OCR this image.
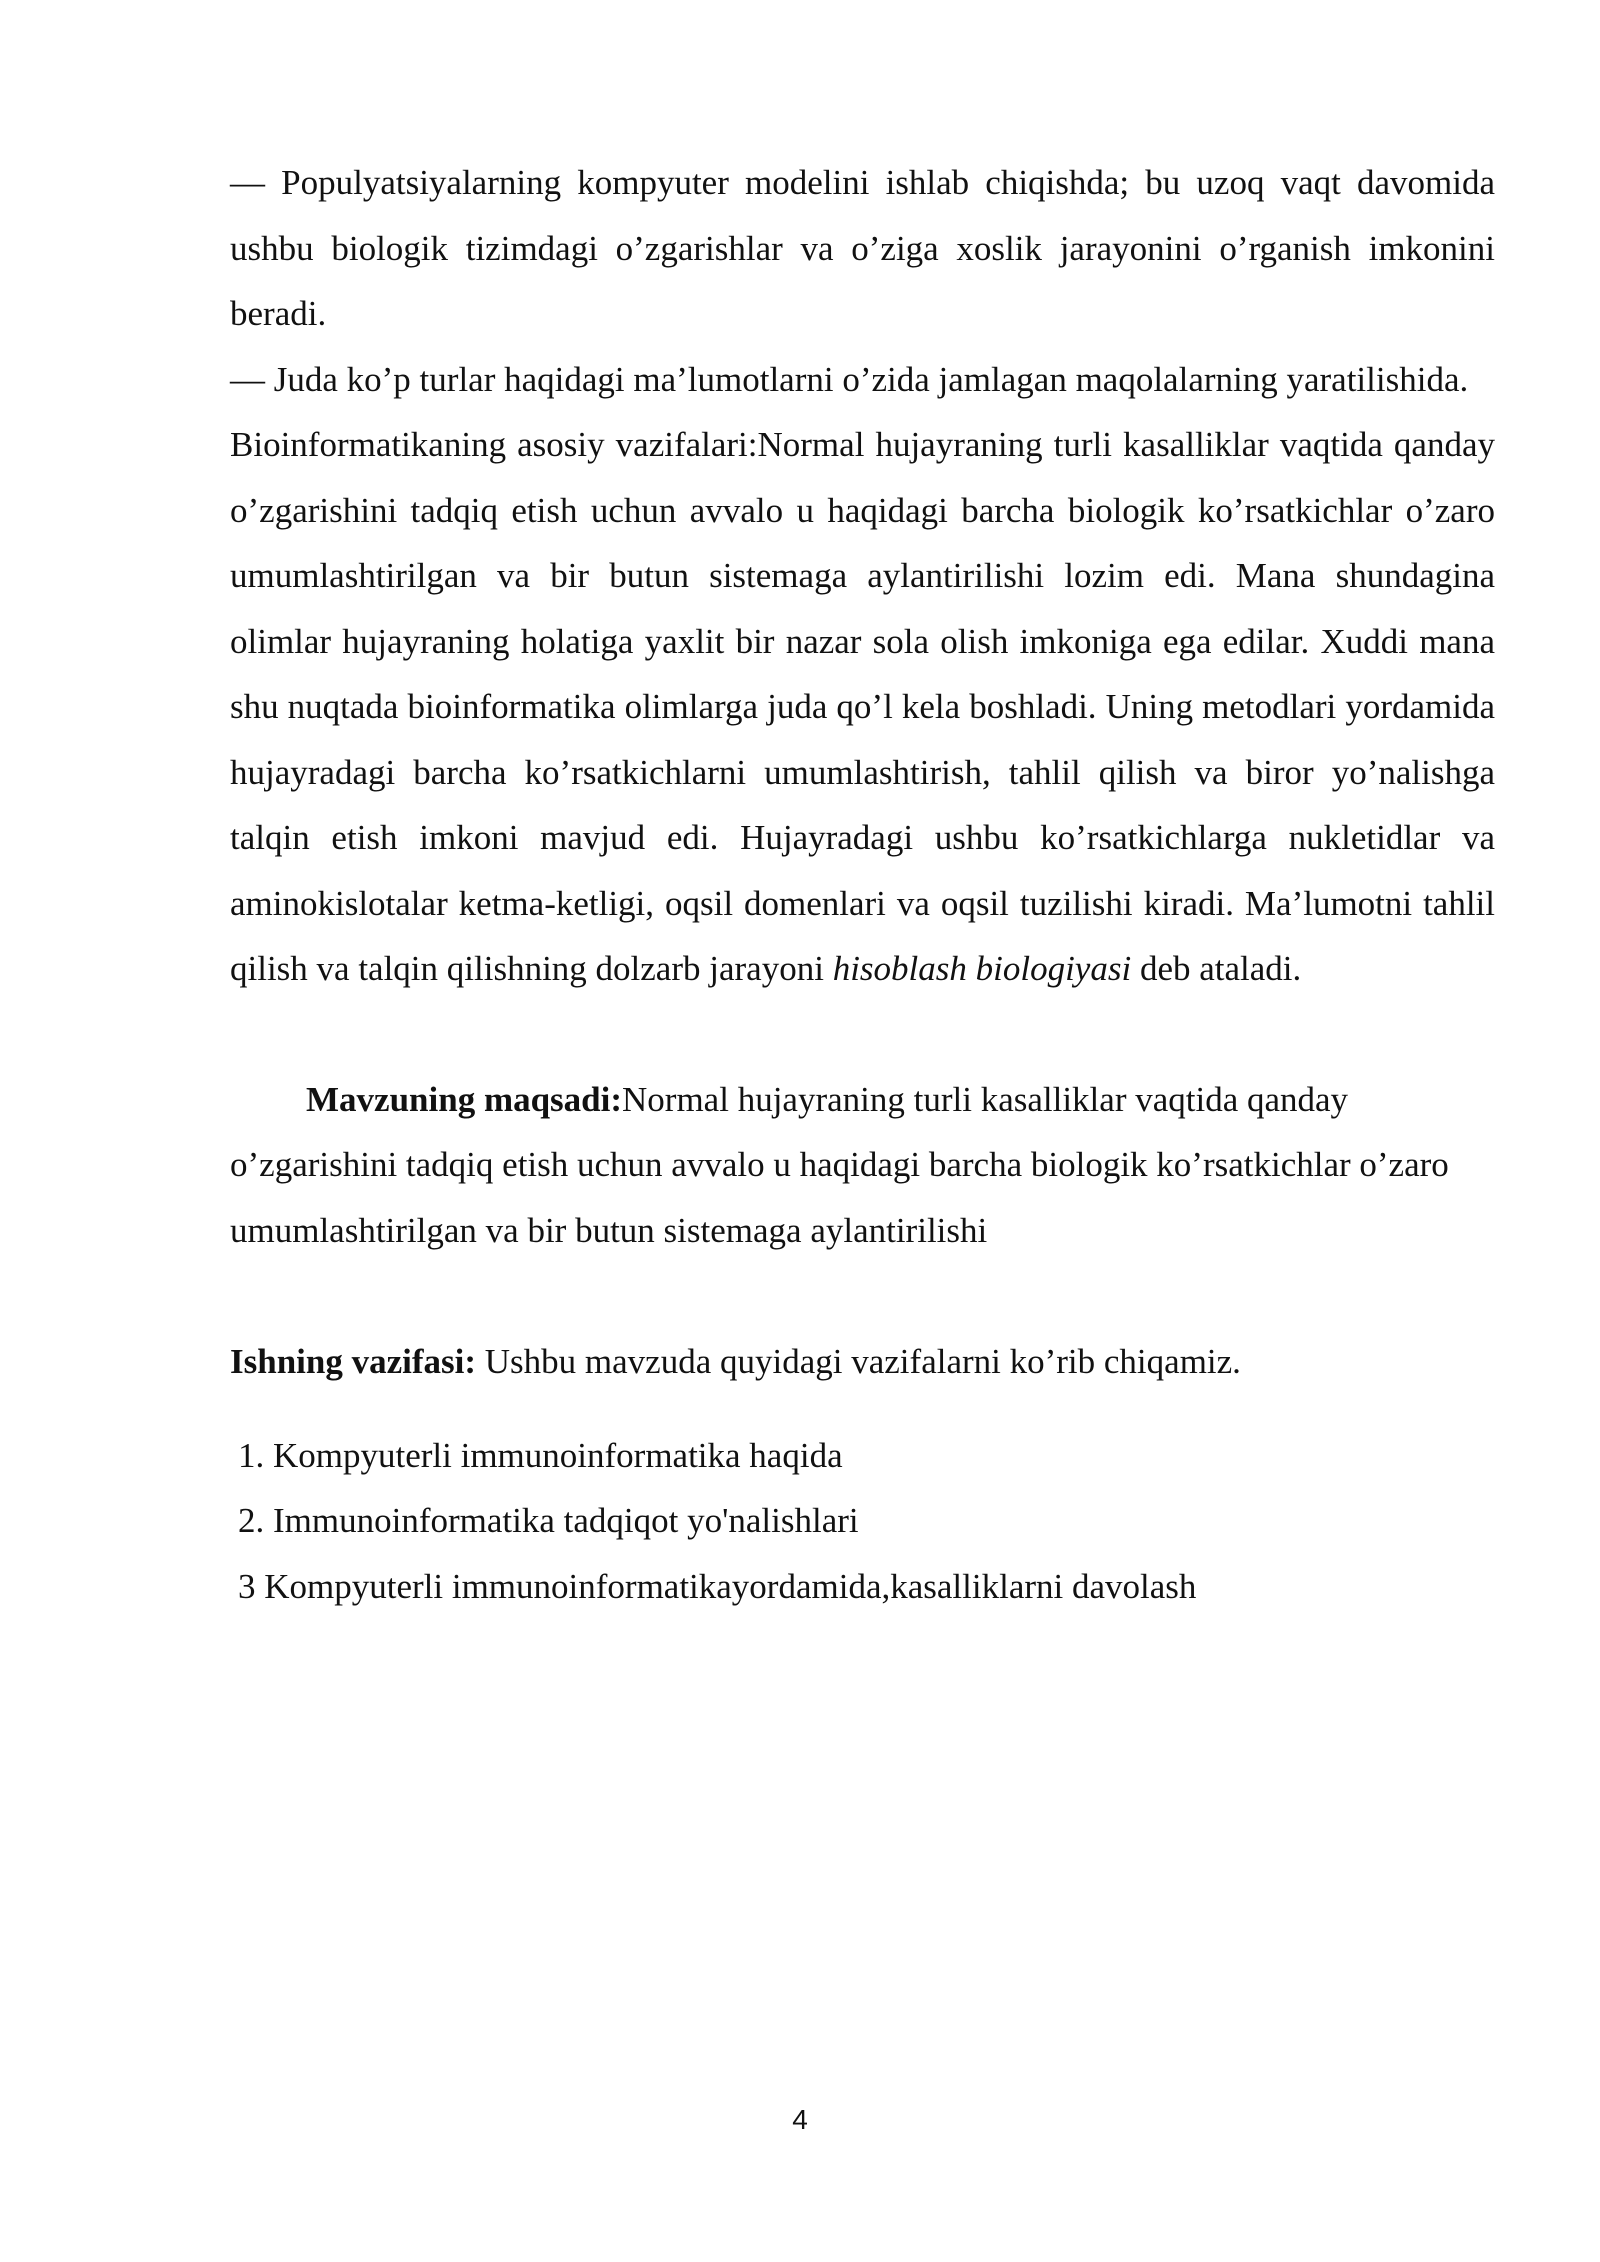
— Populyatsiyalarning kompyuter modelini ishlab chiqishda; bu uzoq vaqt davomida ushbu biologik tizimdagi o’zgarishlar va o’ziga xoslik jarayonini o’rganish imkonini beradi.

— Juda ko’p turlar haqidagi ma’lumotlarni o’zida jamlagan maqolalarning yaratilishida.

Bioinformatikaning asosiy vazifalari:Normal hujayraning turli kasalliklar vaqtida qanday o’zgarishini tadqiq etish uchun avvalo u haqidagi barcha biologik ko’rsatkichlar o’zaro umumlashtirilgan va bir butun sistemaga aylantirilishi lozim edi. Mana shundagina olimlar hujayraning holatiga yaxlit bir nazar sola olish imkoniga ega edilar. Xuddi mana shu nuqtada bioinformatika olimlarga juda qo’l kela boshladi. Uning metodlari yordamida hujayradagi barcha ko’rsatkichlarni umumlashtirish, tahlil qilish va biror yo’nalishga talqin etish imkoni mavjud edi. Hujayradagi ushbu ko’rsatkichlarga nukletidlar va aminokislotalar ketma-ketligi, oqsil domenlari va oqsil tuzilishi kiradi. Ma’lumotni tahlil qilish va talqin qilishning dolzarb jarayoni hisoblash biologiyasi deb ataladi.

Mavzuning maqsadi:Normal hujayraning turli kasalliklar vaqtida qanday o’zgarishini tadqiq etish uchun avvalo u haqidagi barcha biologik ko’rsatkichlar o’zaro umumlashtirilgan va bir butun sistemaga aylantirilishi

Ishning vazifasi: Ushbu mavzuda quyidagi vazifalarni ko’rib chiqamiz.

1. Kompyuterli immunoinformatika haqida
2. Immunoinformatika tadqiqot yo'nalishlari
3 Kompyuterli immunoinformatikayordamida,kasalliklarni davolash
4
